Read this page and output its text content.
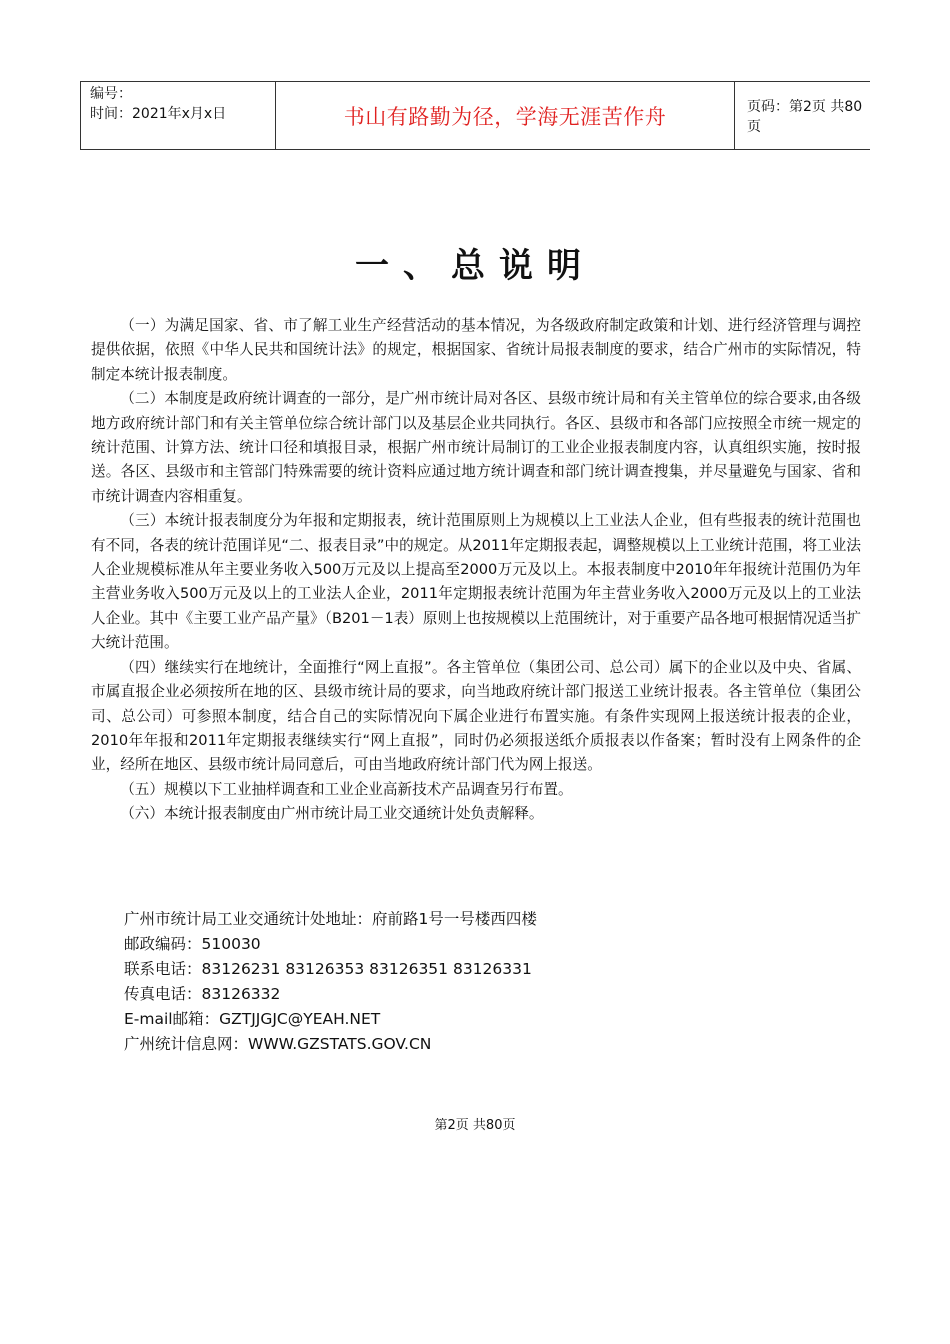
编号：
时间：2021年x月x日	书山有路勤为径，学海无涯苦作舟	页码：第2页 共80页
一、总说明

（一）为满足国家、省、市了解工业生产经营活动的基本情况，为各级政府制定政策和计划、进行经济管理与调控提供依据，依照《中华人民共和国统计法》的规定，根据国家、省统计局报表制度的要求，结合广州市的实际情况，特制定本统计报表制度。

（二）本制度是政府统计调查的一部分，是广州市统计局对各区、县级市统计局和有关主管单位的综合要求,由各级地方政府统计部门和有关主管单位综合统计部门以及基层企业共同执行。各区、县级市和各部门应按照全市统一规定的统计范围、计算方法、统计口径和填报目录，根据广州市统计局制订的工业企业报表制度内容，认真组织实施，按时报送。各区、县级市和主管部门特殊需要的统计资料应通过地方统计调查和部门统计调查搜集，并尽量避免与国家、省和市统计调查内容相重复。

（三）本统计报表制度分为年报和定期报表，统计范围原则上为规模以上工业法人企业，但有些报表的统计范围也有不同，各表的统计范围详见“二、报表目录”中的规定。从2011年定期报表起，调整规模以上工业统计范围，将工业法人企业规模标准从年主要业务收入500万元及以上提高至2000万元及以上。本报表制度中2010年年报统计范围仍为年主营业务收入500万元及以上的工业法人企业，2011年定期报表统计范围为年主营业务收入2000万元及以上的工业法人企业。其中《主要工业产品产量》（B201－1表）原则上也按规模以上范围统计，对于重要产品各地可根据情况适当扩大统计范围。

（四）继续实行在地统计，全面推行“网上直报”。各主管单位（集团公司、总公司）属下的企业以及中央、省属、市属直报企业必须按所在地的区、县级市统计局的要求，向当地政府统计部门报送工业统计报表。各主管单位（集团公司、总公司）可参照本制度，结合自己的实际情况向下属企业进行布置实施。有条件实现网上报送统计报表的企业，2010年年报和2011年定期报表继续实行“网上直报”，同时仍必须报送纸介质报表以作备案；暂时没有上网条件的企业，经所在地区、县级市统计局同意后，可由当地政府统计部门代为网上报送。

（五）规模以下工业抽样调查和工业企业高新技术产品调查另行布置。

（六）本统计报表制度由广州市统计局工业交通统计处负责解释。

广州市统计局工业交通统计处地址：府前路1号一号楼西四楼
邮政编码：510030
联系电话：83126231 83126353 83126351 83126331
传真电话：83126332
E-mail邮箱：GZTJJGJC@YEAH.NET
广州统计信息网：WWW.GZSTATS.GOV.CN
第2页 共80页
